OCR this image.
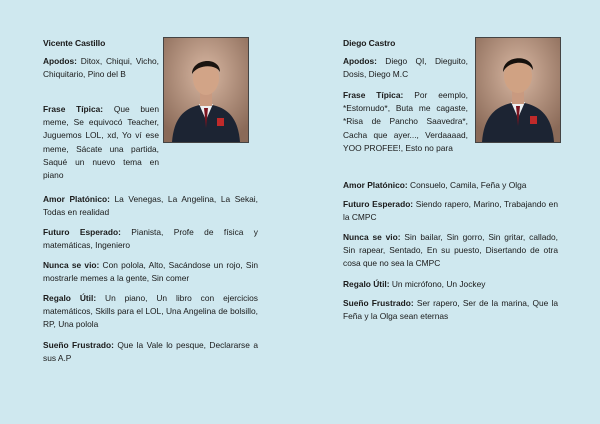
Vicente Castillo
Apodos: Ditox, Chiqui, Vicho, Chiquitario, Pino del B
Frase Típica: Que buen meme, Se equivocó Teacher, Juguemos LOL, xd, Yo ví ese meme, Sácate una partida, Saqué un nuevo tema en piano
Amor Platónico: La Venegas, La Angelina, La Sekai, Todas en realidad
Futuro Esperado: Pianista, Profe de física y matemáticas, Ingeniero
Nunca se vio: Con polola, Alto, Sacándose un rojo, Sin mostrarle memes a la gente, Sin comer
Regalo Útil: Un piano, Un libro con ejercicios matemáticos, Skills para el LOL, Una Angelina de bolsillo, RP, Una polola
Sueño Frustrado: Que la Vale lo pesque, Declararse a sus A.P
Diego Castro
Apodos: Diego QI, Dieguito, Dosis, Diego M.C
Frase Típica: Por eemplo, *Estornudo*, Buta me cagaste, *Risa de Pancho Saavedra*, Cacha que ayer..., Verdaaaad, YOO PROFEE!, Esto no para
Amor Platónico: Consuelo, Camila, Feña y Olga
Futuro Esperado: Siendo rapero, Marino, Trabajando en la CMPC
Nunca se vio: Sin bailar, Sin gorro, Sin gritar, callado, Sin rapear, Sentado, En su puesto, Disertando de otra cosa que no sea la CMPC
Regalo Útil: Un micrófono, Un Jockey
Sueño Frustrado: Ser rapero, Ser de la marina, Que la Feña y la Olga sean eternas
